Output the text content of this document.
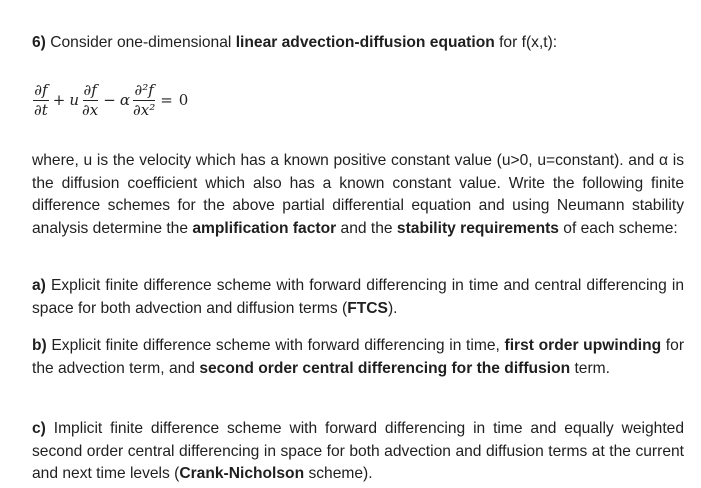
6) Consider one-dimensional linear advection-diffusion equation for f(x,t):
$\frac{\partial f}{\partial t} + u \frac{\partial f}{\partial x} - \alpha \frac{\text{∂²f}}{\text{∂x²}} = 0$
where, u is the velocity which has a known positive constant value (u>0, u=constant). and α is the diffusion coefficient which also has a known constant value. Write the following finite difference schemes for the above partial differential equation and using Neumann stability analysis determine the amplification factor and the stability requirements of each scheme:
a) Explicit finite difference scheme with forward differencing in time and central differencing in space for both advection and diffusion terms (FTCS).
b) Explicit finite difference scheme with forward differencing in time, first order upwinding for the advection term, and second order central differencing for the diffusion term.
c) Implicit finite difference scheme with forward differencing in time and equally weighted second order central differencing in space for both advection and diffusion terms at the current and next time levels (Crank-Nicholson scheme).
